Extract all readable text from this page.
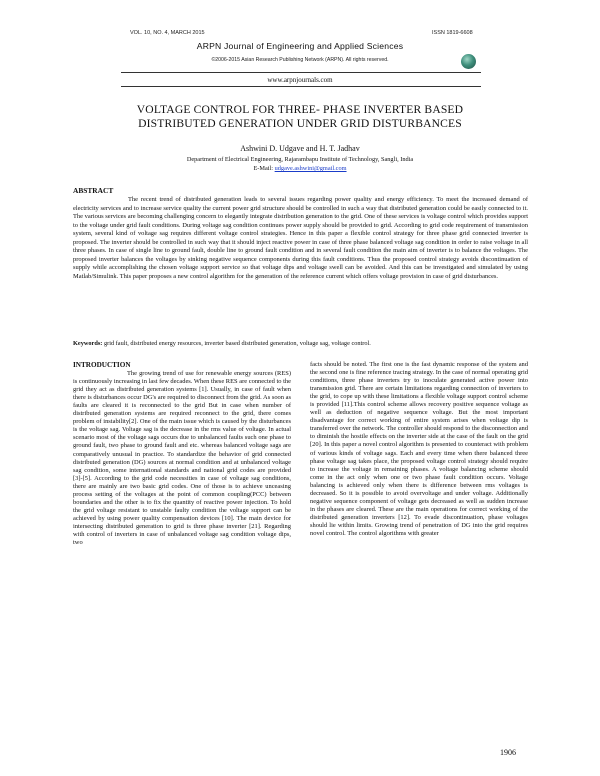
VOL. 10, NO. 4, MARCH 2015	ISSN 1819-6608
ARPN Journal of Engineering and Applied Sciences
©2006-2015 Asian Research Publishing Network (ARPN). All rights reserved.
www.arpnjournals.com
VOLTAGE CONTROL FOR THREE- PHASE INVERTER BASED
DISTRIBUTED GENERATION UNDER GRID DISTURBANCES
Ashwini D. Udgave and H. T. Jadhav
Department of Electrical Engineering, Rajarambapu Institute of Technology, Sangli, India
E-Mail: udgave.ashwini@gmail.com
ABSTRACT

The recent trend of distributed generation leads to several issues regarding power quality and energy efficiency. To meet the increased demand of electricity services and to increase service quality the current power grid structure should be controlled in such a way that distributed generation could be easily connected to it. The various services are becoming challenging concern to elegantly integrate distribution generation to the grid. One of these services is voltage control which provides support to the voltage under grid fault conditions. During voltage sag condition continues power supply should be provided to grid. According to grid code requirement of transmission system, several kind of voltage sag requires different voltage control strategies. Hence in this paper a flexible control strategy for three phase grid connected inverter is proposed. The inverter should be controlled in such way that it should inject reactive power in case of three phase balanced voltage sag condition in order to raise voltage in all three phases. In case of single line to ground fault, double line to ground fault condition and in several fault condition the main aim of inverter is to balance the voltages. The proposed inverter balances the voltages by sinking negative sequence components during this fault conditions. Thus the proposed control strategy avoids discontinuation of supply while accomplishing the chosen voltage support service so that voltage dips and voltage swell can be avoided. And this can be investigated and simulated by using Matlab/Simulink. This paper proposes a new control algorithm for the generation of the reference current which offers voltage provision in case of grid disturbances.

Keywords: grid fault, distributed energy resources, inverter based distributed generation, voltage sag, voltage control.

INTRODUCTION

The growing trend of use for renewable energy sources (RES) is continuously increasing in last few decades. When these RES are connected to the grid they act as distributed generation systems [1]. Usually, in case of fault when there is disturbances occur DG's are required to disconnect from the grid. As soon as faults are cleared it is reconnected to the grid But in case when number of distributed generation systems are required reconnect to the grid, there comes problem of instability[2]. One of the main issue which is caused by the disturbances is the voltage sag. Voltage sag is the decrease in the rms value of voltage. In actual scenario most of the voltage sags occurs due to unbalanced faults such one phase to ground fault, two phase to ground fault and etc. whereas balanced voltage sags are comparatively unusual in practice. To standardize the behavior of grid connected distributed generation (DG) sources at normal condition and at unbalanced voltage sag condition, some international standards and national grid codes are provided [3]-[5]. According to the grid code necessities in case of voltage sag conditions, there are mainly are two basic grid codes. One of those is to achieve unceasing process setting of the voltages at the point of common coupling(PCC) between boundaries and the other is to fix the quantity of reactive power injection. To hold the grid voltage resistant to unstable faulty condition the voltage support can be achieved by using power quality compensation devices [10]. The main device for intersecting distributed generation to grid is three phase inverter [21]. Regarding with control of inverters in case of unbalanced voltage sag condition voltage dips, two

facts should be noted. The first one is the fast dynamic response of the system and the second one is fine reference tracing strategy. In the case of normal operating grid conditions, three phase inverters try to inoculate generated active power into transmission grid. There are certain limitations regarding connection of inverters to the grid, to cope up with these limitations a flexible voltage support control scheme is provided [11].This control scheme allows recovery positive sequence voltage as well as deduction of negative sequence voltage. But the most important disadvantage for correct working of entire system arises when voltage dip is transferred over the network. The controller should respond to the disconnection and to diminish the hostile effects on the inverter side at the case of the fault on the grid [20]. In this paper a novel control algorithm is presented to counteract with problem of various kinds of voltage sags. Each and every time when there balanced three phase voltage sag takes place, the proposed voltage control strategy should require to increase the voltage in remaining phases. A voltage balancing scheme should come in the act only when one or two phase fault condition occurs. Voltage balancing is achieved only when there is difference between rms voltages is decreased. So it is possible to avoid overvoltage and under voltage. Additionally negative sequence component of voltage gets decreased as well as sudden increase in the phases are cleared. These are the main operations for correct working of the distributed generation inverters [12]. To evade discontinuation, phase voltages should lie within limits. Growing trend of penetration of DG into the grid requires novel control. The control algorithms with greater

1906
